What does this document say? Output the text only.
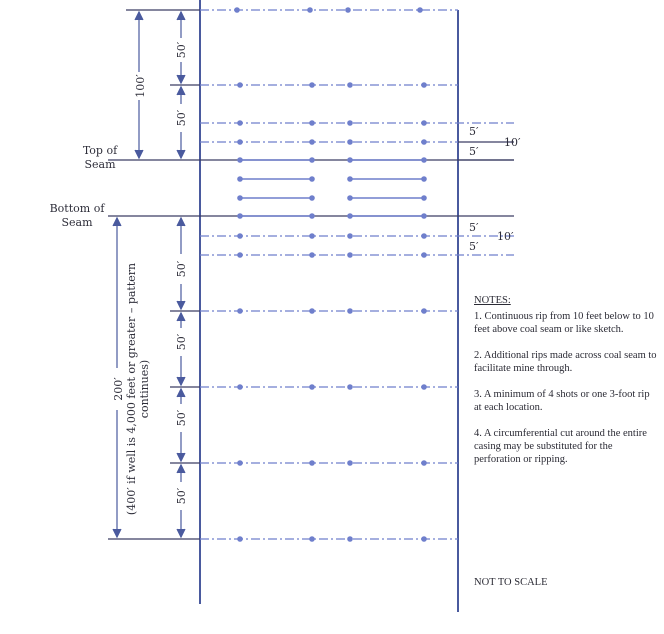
100′
50′
50′
200′ (400′ if well is 4,000 feet or greater – pattern continues)
50′
50′
50′
50′
Top of
Seam
Bottom of
Seam
5′
5′
10′
5′
5′
10′
NOTES:
1. Continuous rip from 10 feet below to 10 feet above coal seam or like sketch.
2. Additional rips made across coal seam to facilitate mine through.
3. A minimum of 4 shots or one 3-foot rip at each location.
4. A circumferential cut around the entire casing may be substituted for the perforation or ripping.
NOT TO SCALE
